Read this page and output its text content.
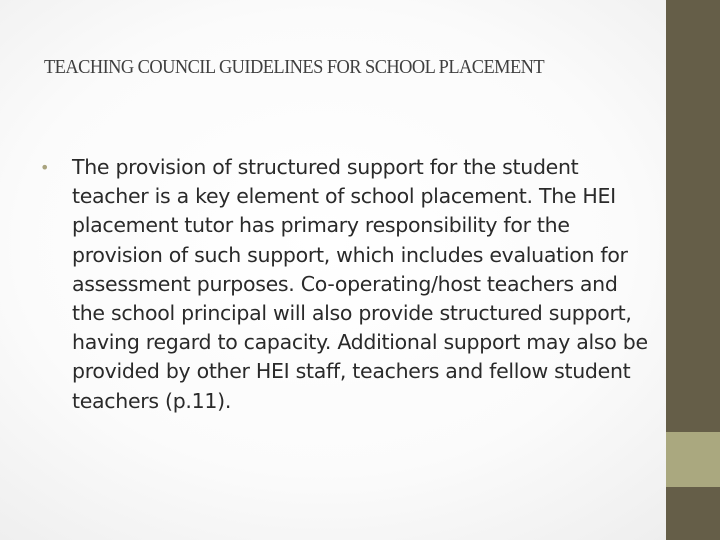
TEACHING COUNCIL GUIDELINES FOR SCHOOL PLACEMENT
• The provision of structured support for the student teacher is a key element of school placement. The HEI placement tutor has primary responsibility for the provision of such support, which includes evaluation for assessment purposes. Co-operating/host teachers and the school principal will also provide structured support, having regard to capacity. Additional support may also be provided by other HEI staff, teachers and fellow student teachers (p.11).
